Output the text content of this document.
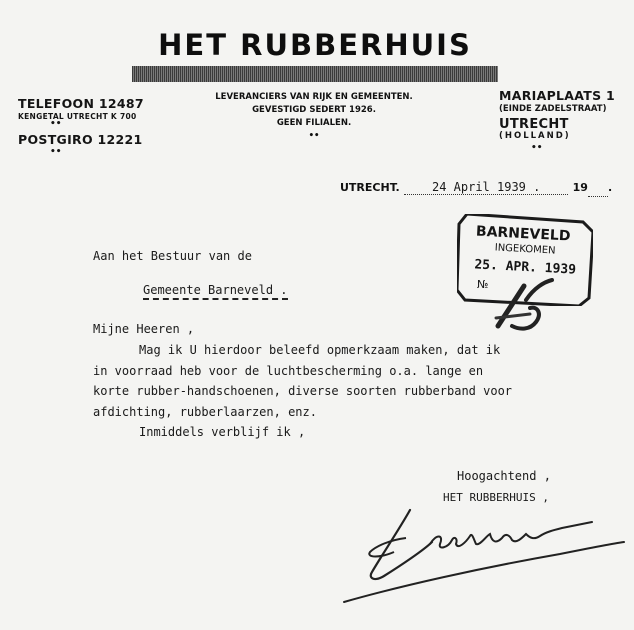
HET RUBBERHUIS
TELEFOON 12487
KENGETAL UTRECHT K 700
••
POSTGIRO 12221
••
LEVERANCIERS VAN RIJK EN GEMEENTEN.
GEVESTIGD SEDERT 1926.
GEEN FILIALEN.
••
MARIAPLAATS 1
(EINDE ZADELSTRAAT)
UTRECHT
(HOLLAND)
••
UTRECHT.	24 April 1939 .	19 .
BARNEVELD
INGEKOMEN
25. APR. 1939
№
Aan het Bestuur van de
Gemeente Barneveld .
Mijne Heeren ,
Mag ik U hierdoor beleefd opmerkzaam maken, dat ik
in voorraad heb voor de luchtbescherming o.a. lange en
korte rubber-handschoenen, diverse soorten rubberband voor
afdichting, rubberlaarzen, enz.
Inmiddels verblijf ik ,
Hoogachtend ,
HET RUBBERHUIS ,
